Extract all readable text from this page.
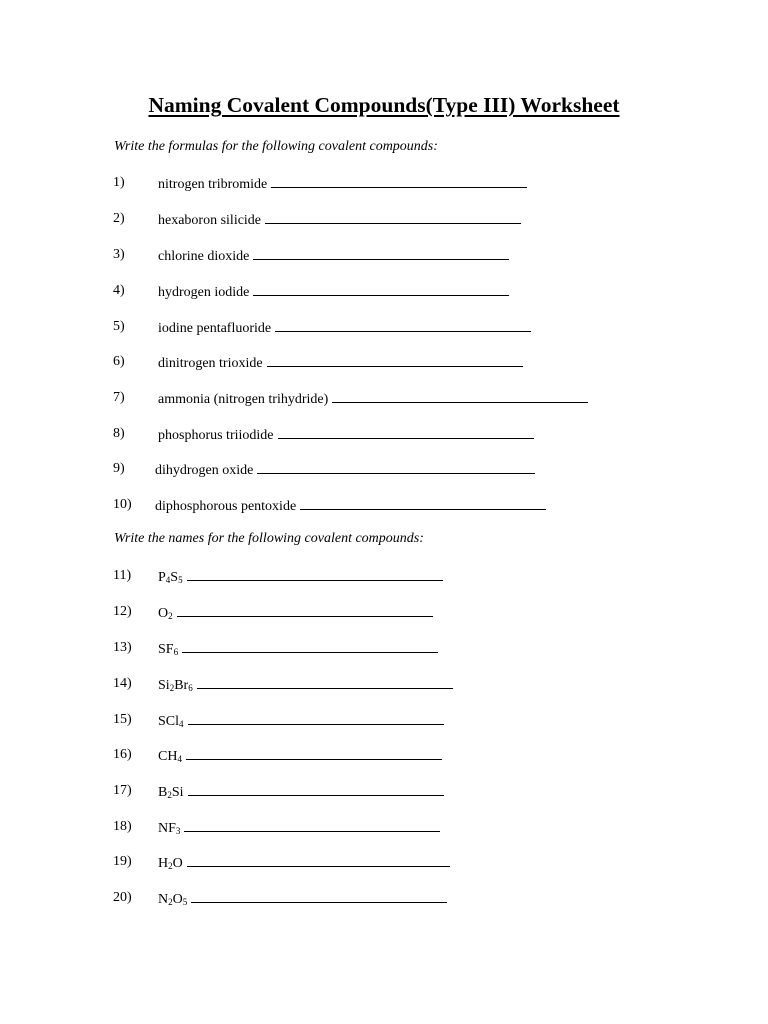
Naming Covalent Compounds(Type III) Worksheet

Write the formulas for the following covalent compounds:

1) nitrogen tribromide
2) hexaboron silicide
3) chlorine dioxide
4) hydrogen iodide
5) iodine pentafluoride
6) dinitrogen trioxide
7) ammonia (nitrogen trihydride)
8) phosphorus triiodide
9) dihydrogen oxide
10) diphosphorous pentoxide

Write the names for the following covalent compounds:

11) $P_4S_5$
12) $O_2$
13) $SF_6$
14) $Si_2Br_6$
15) SCl$_4$
16) $CH_4$
17) $B_2Si$
18) $NF_3$
19) $H_2O$
20) $N_2O_5$
